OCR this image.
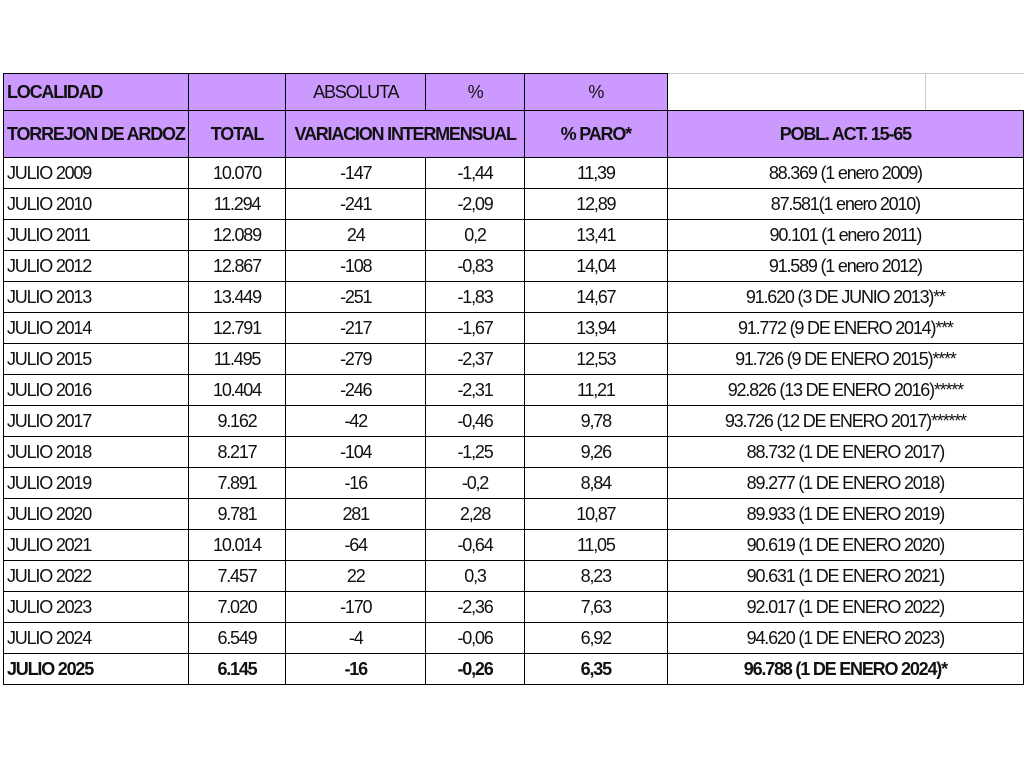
LOCALIDAD		ABSOLUTA	%	%		
TORREJON DE ARDOZ	TOTAL	VARIACION INTERMENSUAL		% PARO*	POBL. ACT. 15-65	
JULIO 2009	10.070	-147	-1,44	11,39	88.369 (1 enero 2009)	
JULIO 2010	11.294	-241	-2,09	12,89	87.581(1 enero 2010)	
JULIO 2011	12.089	24	0,2	13,41	90.101 (1 enero 2011)	
JULIO 2012	12.867	-108	-0,83	14,04	91.589 (1 enero 2012)	
JULIO 2013	13.449	-251	-1,83	14,67	91.620 (3 DE JUNIO 2013)**	
JULIO 2014	12.791	-217	-1,67	13,94	91.772 (9 DE ENERO 2014)***	
JULIO 2015	11.495	-279	-2,37	12,53	91.726 (9 DE ENERO 2015)****	
JULIO 2016	10.404	-246	-2,31	11,21	92.826 (13 DE ENERO 2016)*****	
JULIO 2017	9.162	-42	-0,46	9,78	93.726 (12 DE ENERO 2017)******	
JULIO 2018	8.217	-104	-1,25	9,26	88.732 (1 DE ENERO 2017)	
JULIO 2019	7.891	-16	-0,2	8,84	89.277 (1 DE ENERO 2018)	
JULIO 2020	9.781	281	2,28	10,87	89.933 (1 DE ENERO 2019)	
JULIO 2021	10.014	-64	-0,64	11,05	90.619 (1 DE ENERO 2020)	
JULIO 2022	7.457	22	0,3	8,23	90.631 (1 DE ENERO 2021)	
JULIO 2023	7.020	-170	-2,36	7,63	92.017 (1 DE ENERO 2022)	
JULIO 2024	6.549	-4	-0,06	6,92	94.620 (1 DE ENERO 2023)	
JULIO 2025	6.145	-16	-0,26	6,35	96.788 (1 DE ENERO 2024)*	
